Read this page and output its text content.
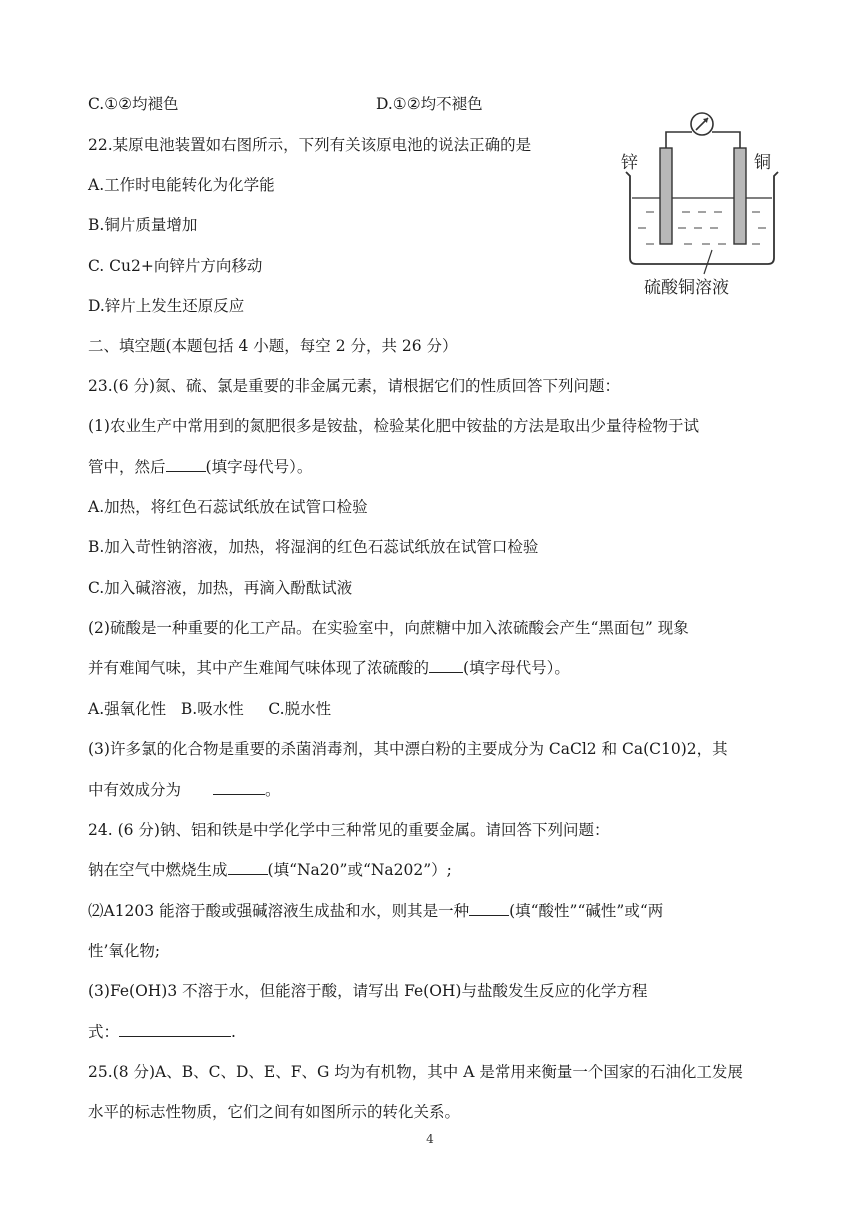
C.①②均褪色	D.①②均不褪色
22.某原电池装置如右图所示，下列有关该原电池的说法正确的是
A.工作时电能转化为化学能
B.铜片质量增加
C. Cu2+向锌片方向移动
D.锌片上发生还原反应
锌	铜
硫酸铜溶液
二、填空题(本题包括 4 小题，每空 2 分，共 26 分）
23.(6 分)氮、硫、氯是重要的非金属元素，请根据它们的性质回答下列问题：
(1)农业生产中常用到的氮肥很多是铵盐，检验某化肥中铵盐的方法是取出少量待检物于试
管中，然后	(填字母代号）。
A.加热，将红色石蕊试纸放在试管口检验
B.加入苛性钠溶液，加热，将湿润的红色石蕊试纸放在试管口检验
C.加入碱溶液，加热，再滴入酚酞试液
(2)硫酸是一种重要的化工产品。在实验室中，向蔗糖中加入浓硫酸会产生“黑面包” 现象
并有难闻气味，其中产生难闻气味体现了浓硫酸的 (填字母代号）。
A.强氧化性   B.吸水性     C.脱水性
(3)许多氯的化合物是重要的杀菌消毒剂，其中漂白粉的主要成分为 CaCl2 和 Ca(C10)2，其
中有效成分为	。
24. (6 分)钠、铝和铁是中学化学中三种常见的重要金属。请回答下列问题：
钠在空气中燃烧生成	(填“Na20”或“Na202”）;
⑵A1203 能溶于酸或强碱溶液生成盐和水，则其是一种	(填“酸性”“碱性”或“两
性’氧化物;
(3)Fe(OH)3 不溶于水，但能溶于酸，请写出 Fe(OH)与盐酸发生反应的化学方程
式：	.
25.(8 分)A、B、C、D、E、F、G 均为有机物，其中 A 是常用来衡量一个国家的石油化工发展
水平的标志性物质，它们之间有如图所示的转化关系。
4
